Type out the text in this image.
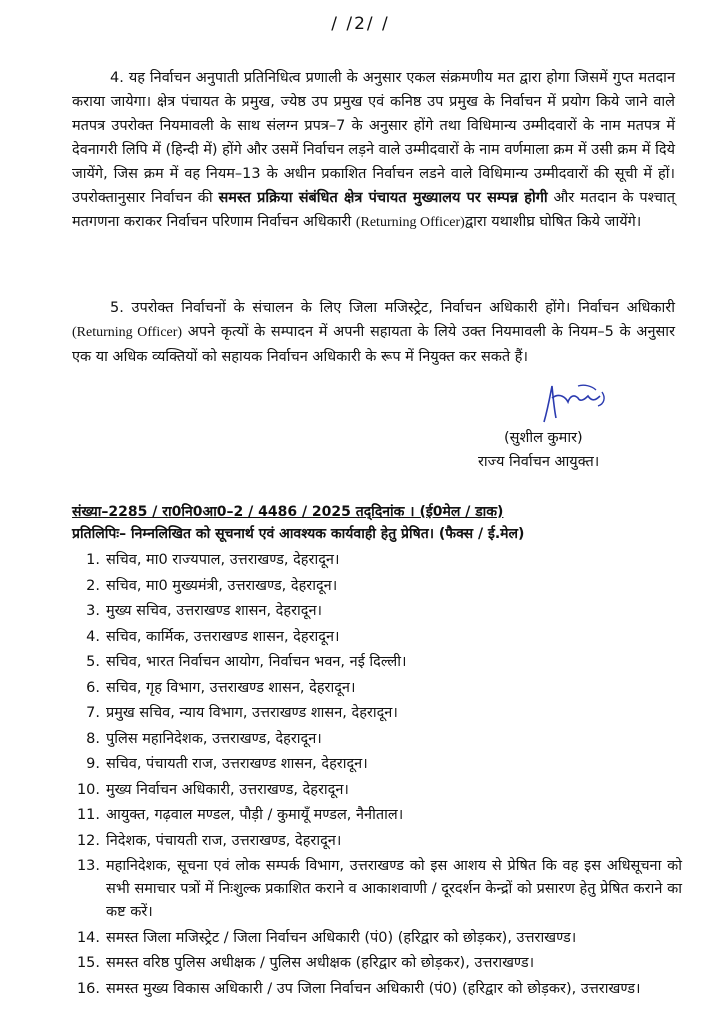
/ /2/ /

4. यह निर्वाचन अनुपाती प्रतिनिधित्व प्रणाली के अनुसार एकल संक्रमणीय मत द्वारा होगा जिसमें गुप्त मतदान कराया जायेगा। क्षेत्र पंचायत के प्रमुख, ज्येष्ठ उप प्रमुख एवं कनिष्ठ उप प्रमुख के निर्वाचन में प्रयोग किये जाने वाले मतपत्र उपरोक्त नियमावली के साथ संलग्न प्रपत्र–7 के अनुसार होंगे तथा विधिमान्य उम्मीदवारों के नाम मतपत्र में देवनागरी लिपि में (हिन्दी में) होंगे और उसमें निर्वाचन लड़ने वाले उम्मीदवारों के नाम वर्णमाला क्रम में उसी क्रम में दिये जायेंगे, जिस क्रम में वह नियम–13 के अधीन प्रकाशित निर्वाचन लडने वाले विधिमान्य उम्मीदवारों की सूची में हों। उपरोक्तानुसार निर्वाचन की समस्त प्रक्रिया संबंधित क्षेत्र पंचायत मुख्यालय पर सम्पन्न होगी और मतदान के पश्चात् मतगणना कराकर निर्वाचन परिणाम निर्वाचन अधिकारी (Returning Officer)द्वारा यथाशीघ्र घोषित किये जायेंगे।

5. उपरोक्त निर्वाचनों के संचालन के लिए जिला मजिस्ट्रेट, निर्वाचन अधिकारी होंगे। निर्वाचन अधिकारी (Returning Officer) अपने कृत्यों के सम्पादन में अपनी सहायता के लिये उक्त नियमावली के नियम–5 के अनुसार एक या अधिक व्यक्तियों को सहायक निर्वाचन अधिकारी के रूप में नियुक्त कर सकते हैं।

(सुशील कुमार)
राज्य निर्वाचन आयुक्त।
संख्या–2285 / रा0नि0आ0–2 / 4486 / 2025 तद्‌दिनांक । (ई0मेल / डाक)
प्रतिलिपिः– निम्नलिखित को सूचनार्थ एवं आवश्यक कार्यवाही हेतु प्रेषित। (फैक्स / ई.मेल)
1. सचिव, मा0 राज्यपाल, उत्तराखण्ड, देहरादून।
2. सचिव, मा0 मुख्यमंत्री, उत्तराखण्ड, देहरादून।
3. मुख्य सचिव, उत्तराखण्ड शासन, देहरादून।
4. सचिव, कार्मिक, उत्तराखण्ड शासन, देहरादून।
5. सचिव, भारत निर्वाचन आयोग, निर्वाचन भवन, नई दिल्ली।
6. सचिव, गृह विभाग, उत्तराखण्ड शासन, देहरादून।
7. प्रमुख सचिव, न्याय विभाग, उत्तराखण्ड शासन, देहरादून।
8. पुलिस महानिदेशक, उत्तराखण्ड, देहरादून।
9. सचिव, पंचायती राज, उत्तराखण्ड शासन, देहरादून।
10. मुख्य निर्वाचन अधिकारी, उत्तराखण्ड, देहरादून।
11. आयुक्त, गढ़वाल मण्डल, पौड़ी / कुमायूँ मण्डल, नैनीताल।
12. निदेशक, पंचायती राज, उत्तराखण्ड, देहरादून।
13. महानिदेशक, सूचना एवं लोक सम्पर्क विभाग, उत्तराखण्ड को इस आशय से प्रेषित कि वह इस अधिसूचना को सभी समाचार पत्रों में निःशुल्क प्रकाशित कराने व आकाशवाणी / दूरदर्शन केन्द्रों को प्रसारण हेतु प्रेषित कराने का कष्ट करें।
14. समस्त जिला मजिस्ट्रेट / जिला निर्वाचन अधिकारी (पं0) (हरिद्वार को छोड़कर), उत्तराखण्ड।
15. समस्त वरिष्ठ पुलिस अधीक्षक / पुलिस अधीक्षक (हरिद्वार को छोड़कर), उत्तराखण्ड।
16. समस्त मुख्य विकास अधिकारी / उप जिला निर्वाचन अधिकारी (पं0) (हरिद्वार को छोड़कर), उत्तराखण्ड।
